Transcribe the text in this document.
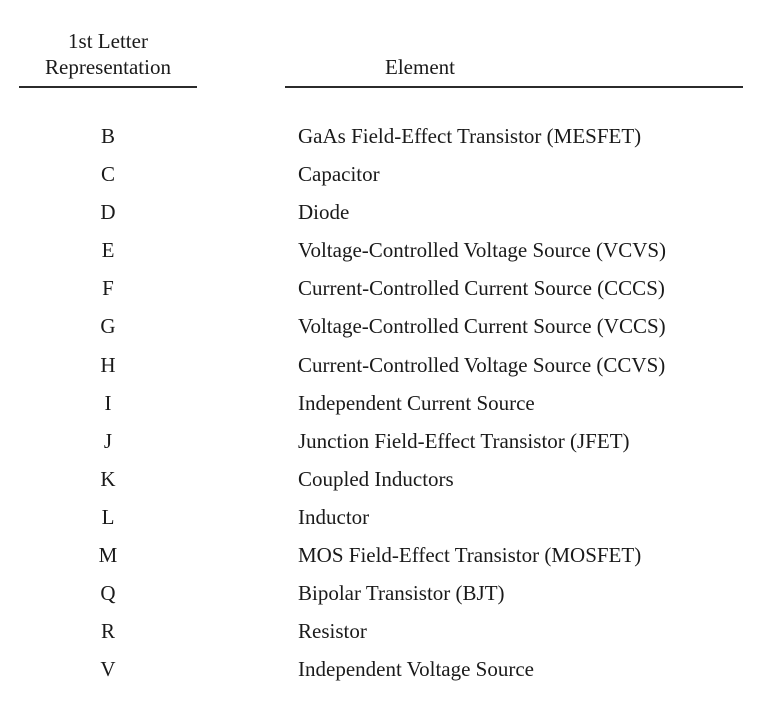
1st Letter
Representation	Element
B	GaAs Field-Effect Transistor (MESFET)
C	Capacitor
D	Diode
E	Voltage-Controlled Voltage Source (VCVS)
F	Current-Controlled Current Source (CCCS)
G	Voltage-Controlled Current Source (VCCS)
H	Current-Controlled Voltage Source (CCVS)
I	Independent Current Source
J	Junction Field-Effect Transistor (JFET)
K	Coupled Inductors
L	Inductor
M	MOS Field-Effect Transistor (MOSFET)
Q	Bipolar Transistor (BJT)
R	Resistor
V	Independent Voltage Source
